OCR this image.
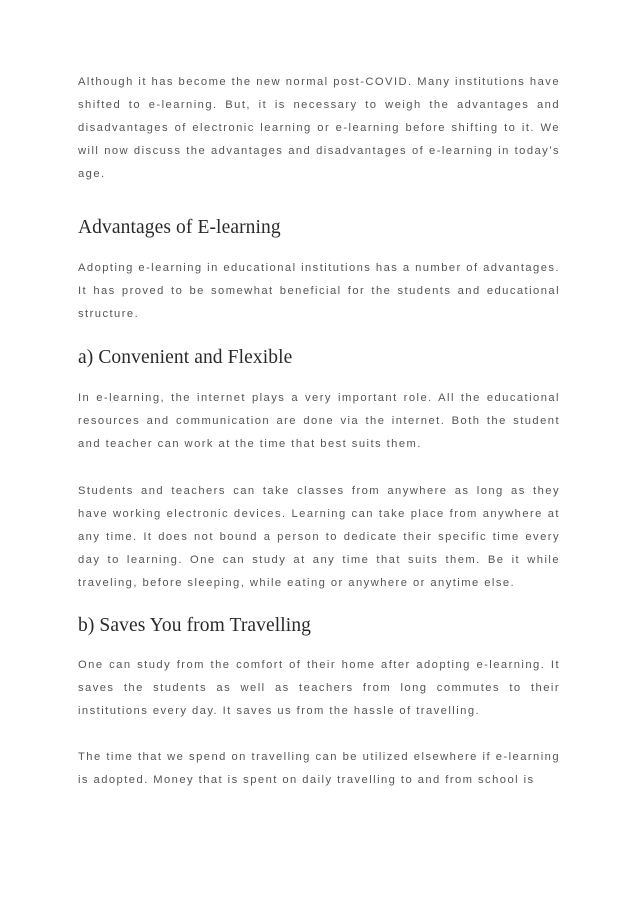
Although it has become the new normal post-COVID. Many institutions have shifted to e-learning. But, it is necessary to weigh the advantages and disadvantages of electronic learning or e-learning before shifting to it. We will now discuss the advantages and disadvantages of e-learning in today’s age.

Advantages of E-learning

Adopting e-learning in educational institutions has a number of advantages. It has proved to be somewhat beneficial for the students and educational structure.

a) Convenient and Flexible

In e-learning, the internet plays a very important role. All the educational resources and communication are done via the internet. Both the student and teacher can work at the time that best suits them.

Students and teachers can take classes from anywhere as long as they have working electronic devices. Learning can take place from anywhere at any time. It does not bound a person to dedicate their specific time every day to learning. One can study at any time that suits them. Be it while traveling, before sleeping, while eating or anywhere or anytime else.

b) Saves You from Travelling

One can study from the comfort of their home after adopting e-learning. It saves the students as well as teachers from long commutes to their institutions every day. It saves us from the hassle of travelling.

The time that we spend on travelling can be utilized elsewhere if e-learning is adopted. Money that is spent on daily travelling to and from school is
